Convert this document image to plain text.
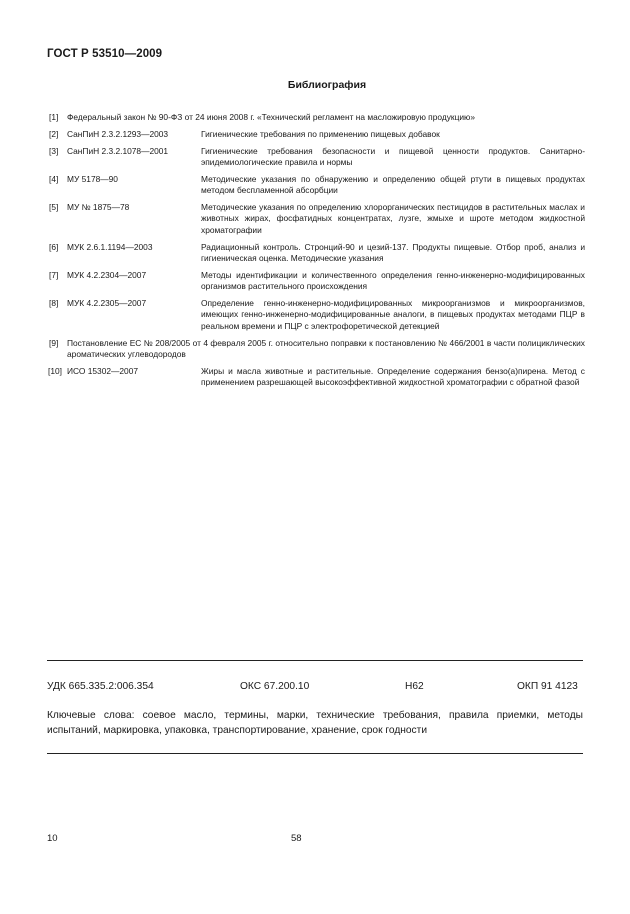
ГОСТ Р 53510—2009
Библиография
[1] Федеральный закон № 90-ФЗ от 24 июня 2008 г. «Технический регламент на масложировую продукцию»
[2] СанПиН 2.3.2.1293—2003	Гигиенические требования по применению пищевых добавок
[3] СанПиН 2.3.2.1078—2001	Гигиенические требования безопасности и пищевой ценности продуктов. Санитарно-эпидемиологические правила и нормы
[4] МУ 5178—90	Методические указания по обнаружению и определению общей ртути в пищевых продуктах методом беспламенной абсорбции
[5] МУ № 1875—78	Методические указания по определению хлорорганических пестицидов в растительных маслах и животных жирах, фосфатидных концентратах, лузге, жмыхе и шроте методом жидкостной хроматографии
[6] МУК 2.6.1.1194—2003	Радиационный контроль. Стронций-90 и цезий-137. Продукты пищевые. Отбор проб, анализ и гигиеническая оценка. Методические указания
[7] МУК 4.2.2304—2007	Методы идентификации и количественного определения генно-инженерно-модифицированных организмов растительного происхождения
[8] МУК 4.2.2305—2007	Определение генно-инженерно-модифицированных микроорганизмов и микроорганизмов, имеющих генно-инженерно-модифицированные аналоги, в пищевых продуктах методами ПЦР в реальном времени и ПЦР с электрофоретической детекцией
[9] Постановление ЕС № 208/2005 от 4 февраля 2005 г. относительно поправки к постановлению № 466/2001 в части полициклических ароматических углеводородов
[10] ИСО 15302—2007	Жиры и масла животные и растительные. Определение содержания бензо(а)пирена. Метод с применением разрешающей высокоэффективной жидкостной хроматографии с обратной фазой
УДК 665.335.2:006.354	ОКС 67.200.10	Н62	ОКП 91 4123
Ключевые слова: соевое масло, термины, марки, технические требования, правила приемки, методы испытаний, маркировка, упаковка, транспортирование, хранение, срок годности
10	58
